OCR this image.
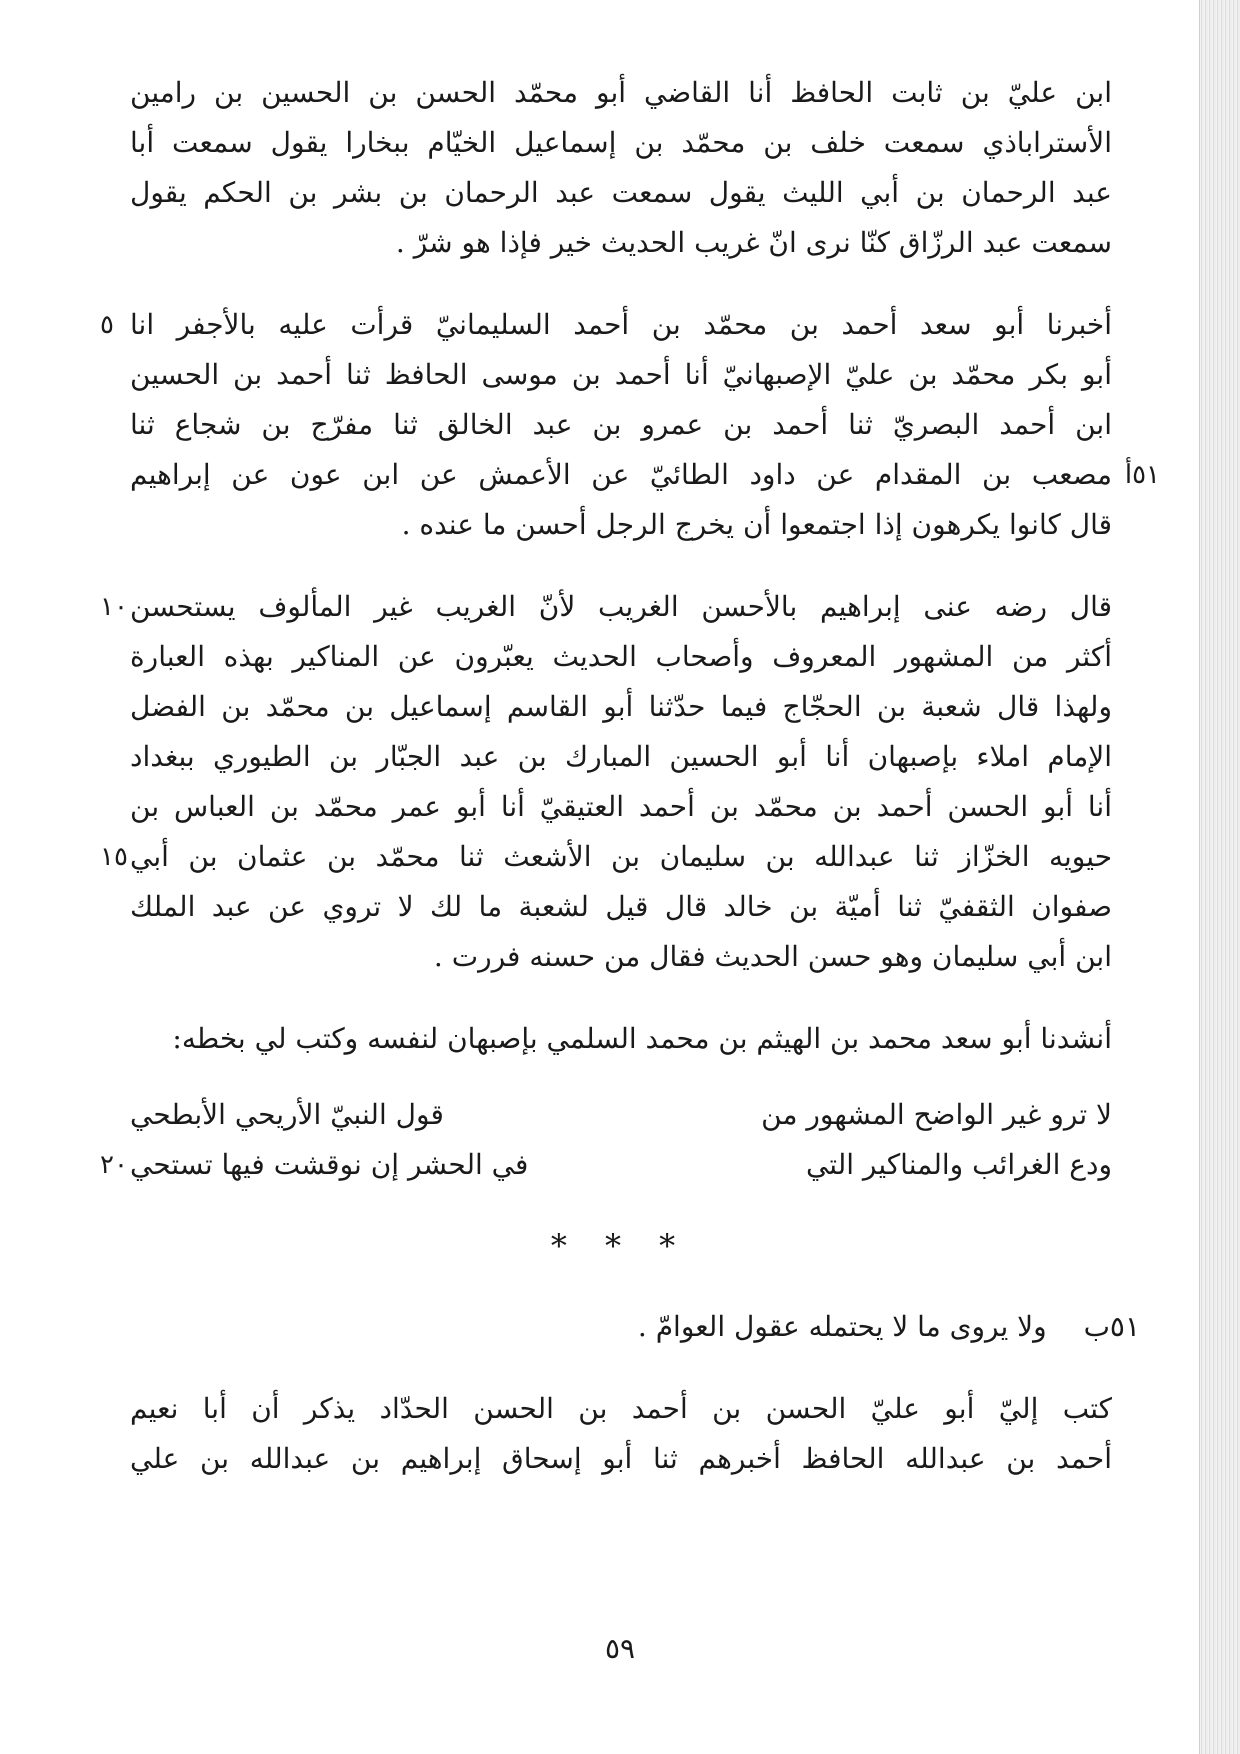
ابن عليّ بن ثابت الحافظ أنا القاضي أبو محمّد الحسن بن الحسين بن رامين
الأستراباذي سمعت خلف بن محمّد بن إسماعيل الخيّام ببخارا يقول سمعت أبا
عبد الرحمان بن أبي الليث يقول سمعت عبد الرحمان بن بشر بن الحكم يقول
سمعت عبد الرزّاق كنّا نرى انّ غريب الحديث خير فإذا هو شرّ .
أخبرنا أبو سعد أحمد بن محمّد بن أحمد السليمانيّ قرأت عليه بالأجفر انا
٥
أبو بكر محمّد بن عليّ الإصبهانيّ أنا أحمد بن موسى الحافظ ثنا أحمد بن الحسين
ابن أحمد البصريّ ثنا أحمد بن عمرو بن عبد الخالق ثنا مفرّج بن شجاع ثنا
٥١أ
مصعب بن المقدام عن داود الطائيّ عن الأعمش عن ابن عون عن إبراهيم
قال كانوا يكرهون إذا اجتمعوا أن يخرج الرجل أحسن ما عنده .
قال رضه عنى إبراهيم بالأحسن الغريب لأنّ الغريب غير المألوف يستحسن
١٠
أكثر من المشهور المعروف وأصحاب الحديث يعبّرون عن المناكير بهذه العبارة
ولهذا قال شعبة بن الحجّاج فيما حدّثنا أبو القاسم إسماعيل بن محمّد بن الفضل
الإمام املاء بإصبهان أنا أبو الحسين المبارك بن عبد الجبّار بن الطيوري ببغداد
أنا أبو الحسن أحمد بن محمّد بن أحمد العتيقيّ أنا أبو عمر محمّد بن العباس بن
حيويه الخزّاز ثنا عبدالله بن سليمان بن الأشعث ثنا محمّد بن عثمان بن أبي
١٥
صفوان الثقفيّ ثنا أميّة بن خالد قال قيل لشعبة ما لك لا تروي عن عبد الملك
ابن أبي سليمان وهو حسن الحديث فقال من حسنه فررت .
أنشدنا أبو سعد محمد بن الهيثم بن محمد السلمي بإصبهان لنفسه وكتب لي بخطه:
لا ترو غير الواضح المشهور من
قول النبيّ الأريحي الأبطحي
ودع الغرائب والمناكير التي
في الحشر إن نوقشت فيها تستحي
٢٠
* * *
٥١ب ولا يروى ما لا يحتمله عقول العوامّ .
كتب إليّ أبو عليّ الحسن بن أحمد بن الحسن الحدّاد يذكر أن أبا نعيم
أحمد بن عبدالله الحافظ أخبرهم ثنا أبو إسحاق إبراهيم بن عبدالله بن علي
٥٩
